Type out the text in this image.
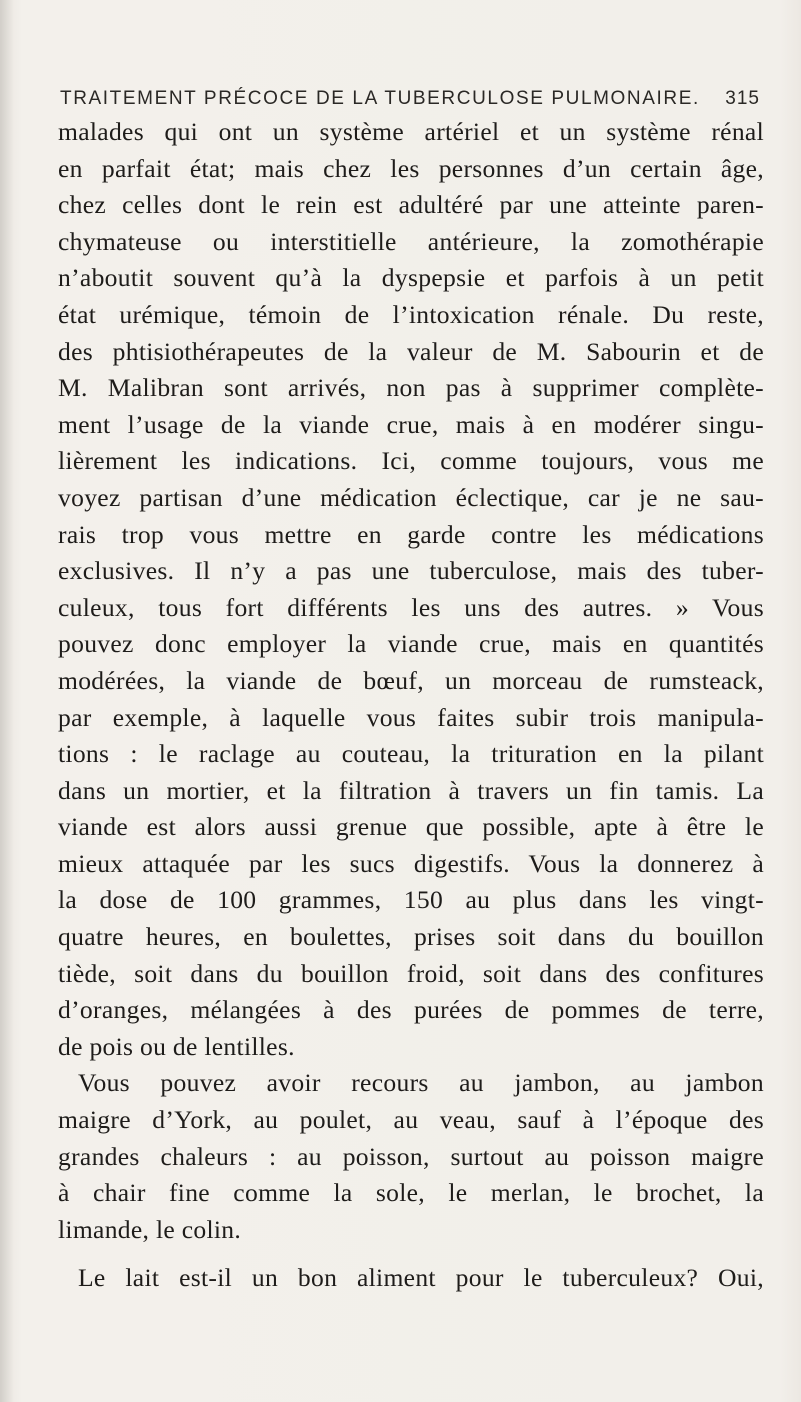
TRAITEMENT PRÉCOCE DE LA TUBERCULOSE PULMONAIRE. 315
malades qui ont un système artériel et un système rénal
en parfait état; mais chez les personnes d’un certain âge,
chez celles dont le rein est adultéré par une atteinte paren-
chymateuse ou interstitielle antérieure, la zomothérapie
n’aboutit souvent qu’à la dyspepsie et parfois à un petit
état urémique, témoin de l’intoxication rénale. Du reste,
des phtisiothérapeutes de la valeur de M. Sabourin et de
M. Malibran sont arrivés, non pas à supprimer complète-
ment l’usage de la viande crue, mais à en modérer singu-
lièrement les indications. Ici, comme toujours, vous me
voyez partisan d’une médication éclectique, car je ne sau-
rais trop vous mettre en garde contre les médications
exclusives. Il n’y a pas une tuberculose, mais des tuber-
culeux, tous fort différents les uns des autres. » Vous
pouvez donc employer la viande crue, mais en quantités
modérées, la viande de bœuf, un morceau de rumsteack,
par exemple, à laquelle vous faites subir trois manipula-
tions : le raclage au couteau, la trituration en la pilant
dans un mortier, et la filtration à travers un fin tamis. La
viande est alors aussi grenue que possible, apte à être le
mieux attaquée par les sucs digestifs. Vous la donnerez à
la dose de 100 grammes, 150 au plus dans les vingt-
quatre heures, en boulettes, prises soit dans du bouillon
tiède, soit dans du bouillon froid, soit dans des confitures
d’oranges, mélangées à des purées de pommes de terre,
de pois ou de lentilles.
Vous pouvez avoir recours au jambon, au jambon
maigre d’York, au poulet, au veau, sauf à l’époque des
grandes chaleurs : au poisson, surtout au poisson maigre
à chair fine comme la sole, le merlan, le brochet, la
limande, le colin.
Le lait est-il un bon aliment pour le tuberculeux? Oui,
